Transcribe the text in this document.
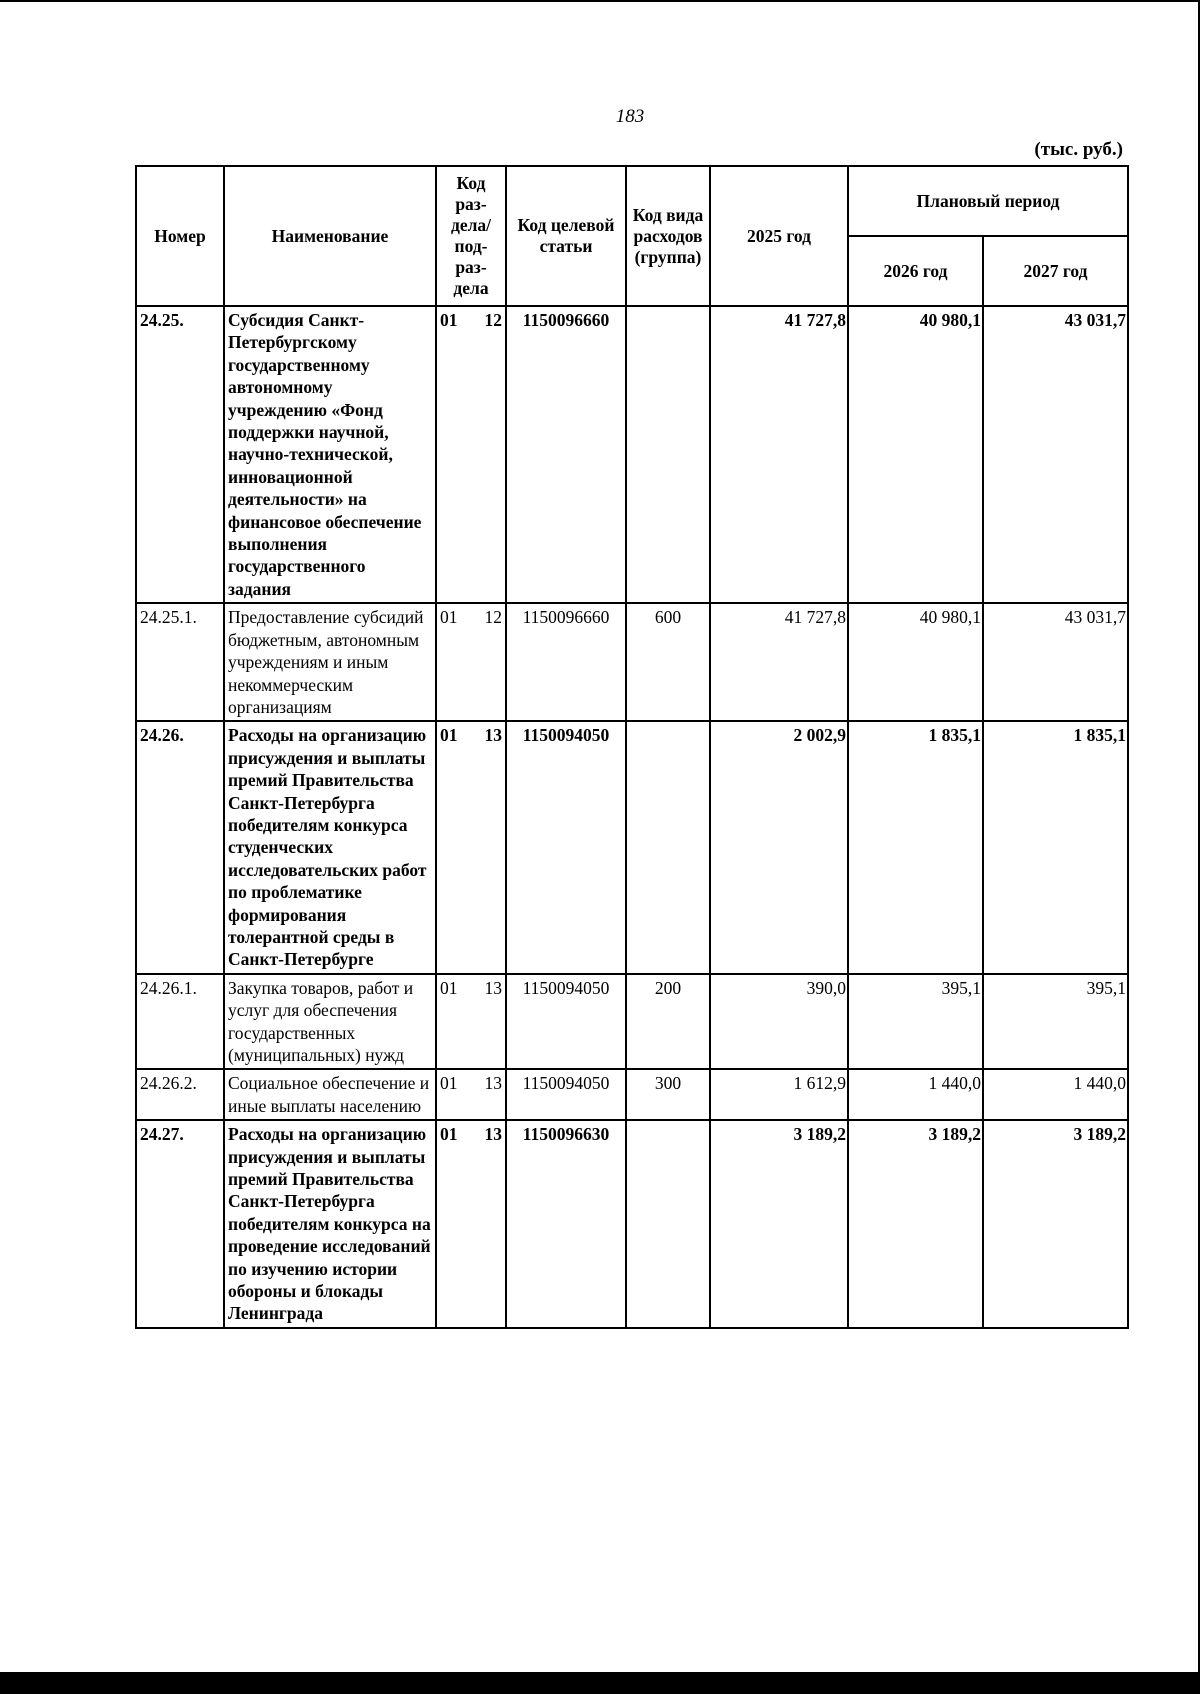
183
(тыс. руб.)
Номер	Наименование	Код раз-дела/ под-раз-дела	Код целевой статьи	Код вида расходов (группа)	2025 год	Плановый период	
						2026 год	2027 год
24.25.	Субсидия Санкт-Петербургскому государственному автономному учреждению «Фонд поддержки научной, научно-технической, инновационной деятельности» на финансовое обеспечение выполнения государственного задания	01 12	1150096660		41 727,8	40 980,1	43 031,7
24.25.1.	Предоставление субсидий бюджетным, автономным учреждениям и иным некоммерческим организациям	01 12	1150096660	600	41 727,8	40 980,1	43 031,7
24.26.	Расходы на организацию присуждения и выплаты премий Правительства Санкт-Петербурга победителям конкурса студенческих исследовательских работ по проблематике формирования толерантной среды в Санкт-Петербурге	01 13	1150094050		2 002,9	1 835,1	1 835,1
24.26.1.	Закупка товаров, работ и услуг для обеспечения государственных (муниципальных) нужд	01 13	1150094050	200	390,0	395,1	395,1
24.26.2.	Социальное обеспечение и иные выплаты населению	01 13	1150094050	300	1 612,9	1 440,0	1 440,0
24.27.	Расходы на организацию присуждения и выплаты премий Правительства Санкт-Петербурга победителям конкурса на проведение исследований по изучению истории обороны и блокады Ленинграда	01 13	1150096630		3 189,2	3 189,2	3 189,2
